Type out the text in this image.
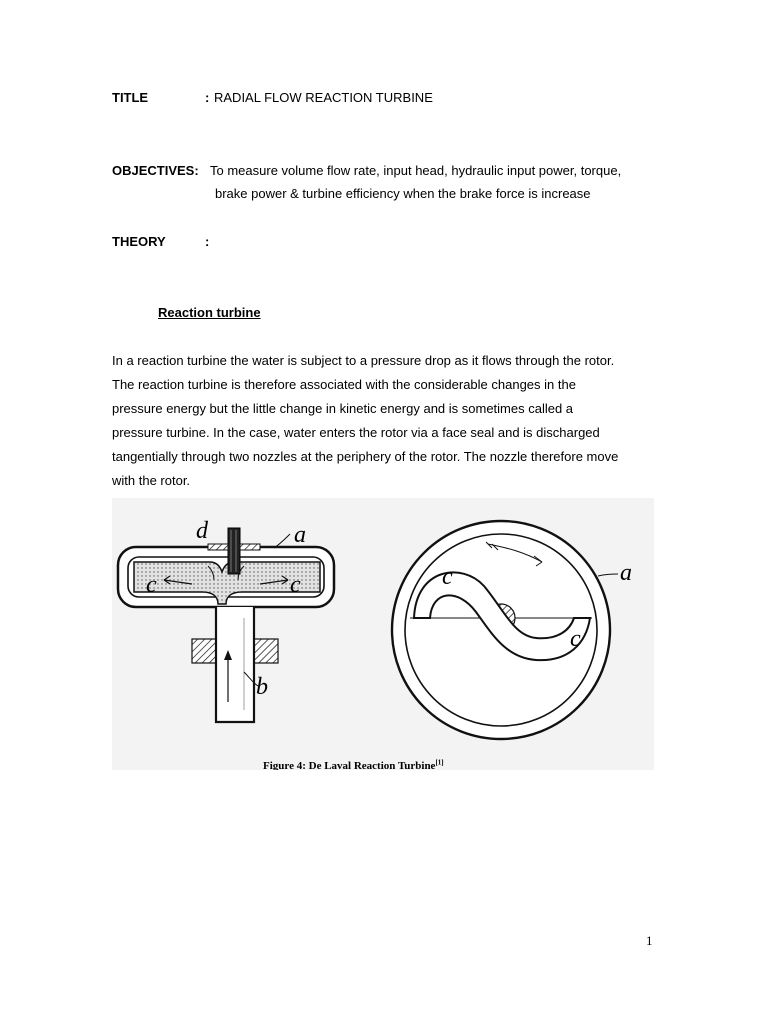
TITLE	: RADIAL FLOW REACTION TURBINE
OBJECTIVES: To measure volume flow rate, input head, hydraulic input power, torque,
brake power & turbine efficiency when the brake force is increase
THEORY	:
Reaction turbine

In a reaction turbine the water is subject to a pressure drop as it flows through the rotor.
The reaction turbine is therefore associated with the considerable changes in the
pressure energy but the little change in kinetic energy and is sometimes called a
pressure turbine. In the case, water enters the rotor via a face seal and is discharged
tangentially through two nozzles at the periphery of the rotor. The nozzle therefore move
with the rotor.

d	a
c	c
b
c
c
a
Figure 4: De Laval Reaction Turbine[1]
1
